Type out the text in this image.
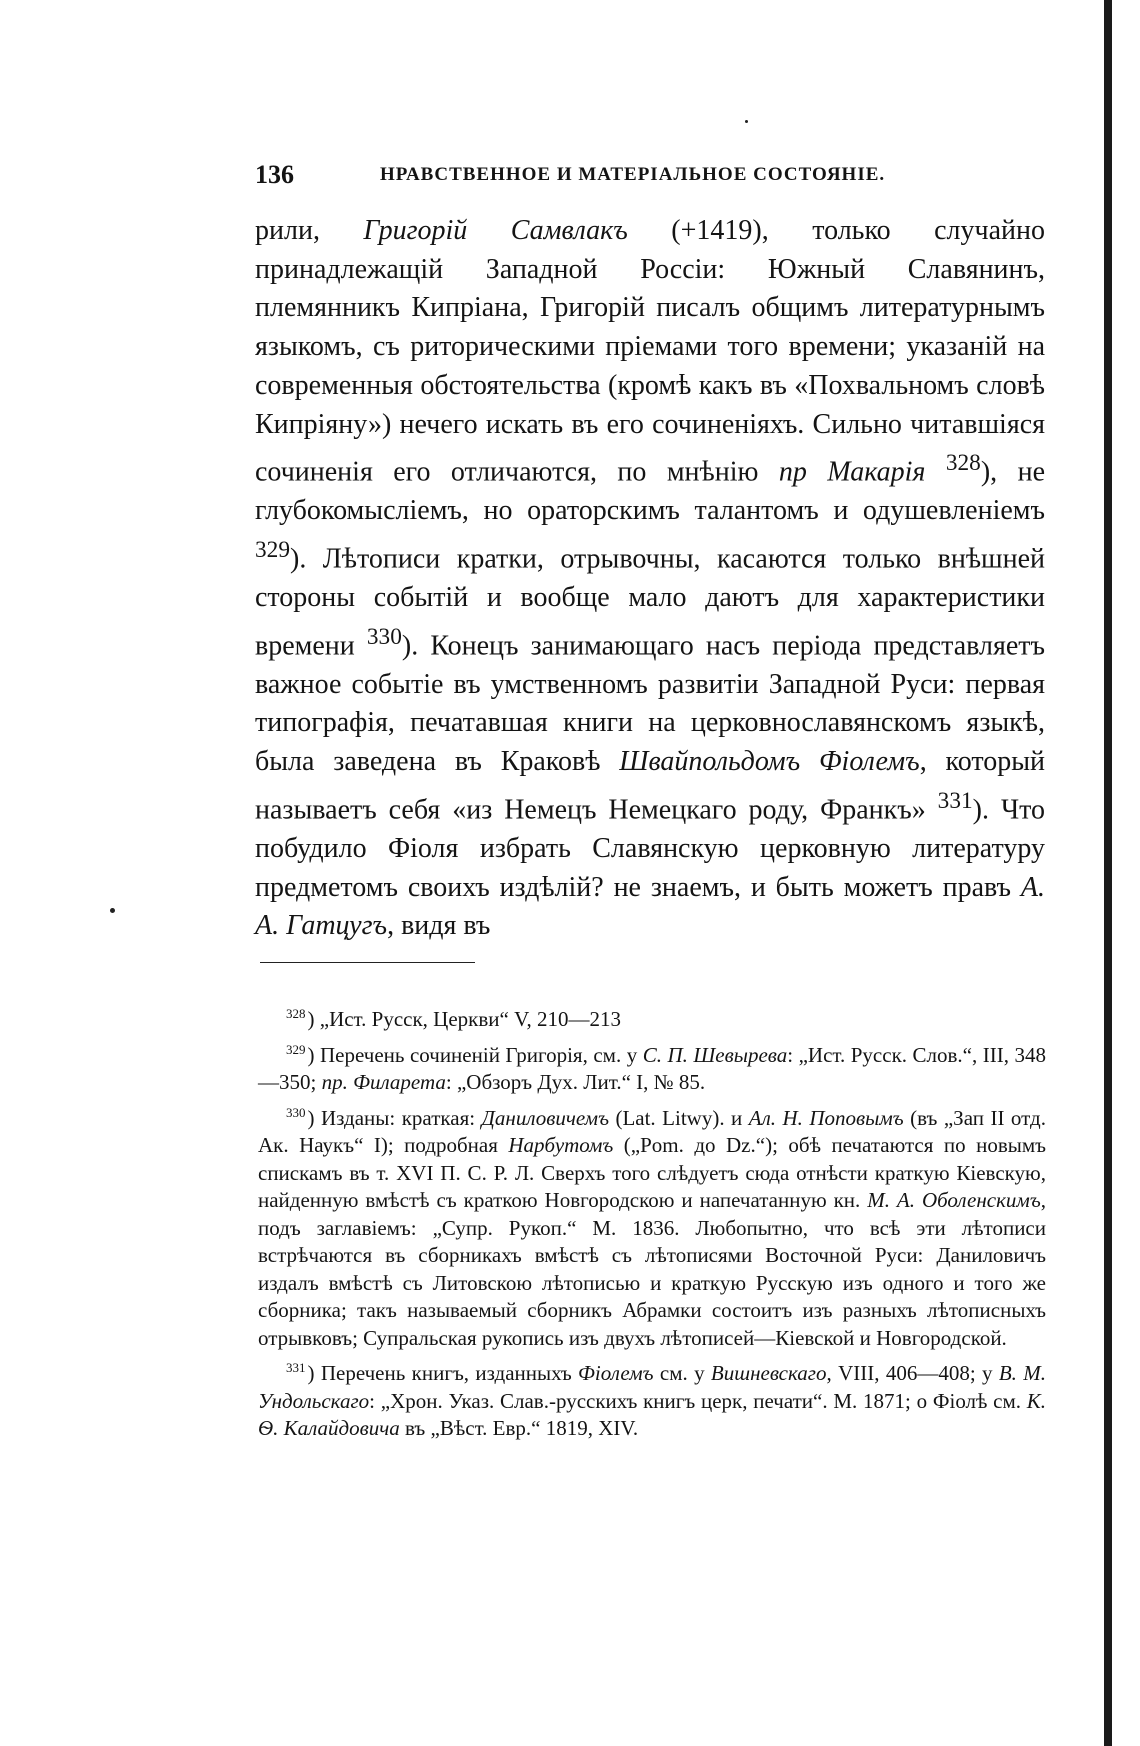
136	НРАВСТВЕННОЕ И МАТЕРІАЛЬНОЕ СОСТОЯНІЕ.

рили, Григорій Самвлакъ (+1419), только случайно принадлежащій Западной Россіи: Южный Славянинъ, племянникъ Кипріана, Григорій писалъ общимъ литературнымъ языкомъ, съ риторическими пріемами того времени; указаній на современныя обстоятельства (кромѣ какъ въ «Похвальномъ словѣ Кипріяну») нечего искать въ его сочиненіяхъ. Сильно читавшіяся сочиненія его отличаются, по мнѣнію пр Макарія $^{328}$), не глубокомысліемъ, но ораторскимъ талантомъ и одушевленіемъ $^{329}$). Лѣтописи кратки, отрывочны, касаются только внѣшней стороны событій и вообще мало даютъ для характеристики времени $^{330}$). Конецъ занимающаго насъ періода представляетъ важное событіе въ умственномъ развитіи Западной Руси: первая типографія, печатавшая книги на церковнославянскомъ языкѣ, была заведена въ Краковѣ Швайпольдомъ Фіолемъ, который называетъ себя «из Немецъ Немецкаго роду, Франкъ» $^{331}$). Что побудило Фіоля избрать Славянскую церковную литературу предметомъ своихъ издѣлій? не знаемъ, и быть можетъ правъ А. А. Гатцугъ, видя въ

$^{328}$) „Ист. Русск, Церкви“ V, 210—213

$^{329}$) Перечень сочиненій Григорія, см. у С. П. Шевырева: „Ист. Русск. Слов.“, III, 348—350; пр. Филарета: „Обзоръ Дух. Лит.“ I, № 85.

$^{330}$) Изданы: краткая: Даниловичемъ (Lat. Litwy). и Ал. Н. Поповымъ (въ „Зап II отд. Ак. Наукъ“ I); подробная Нарбутомъ („Pom. до Dz.“); обѣ печатаются по новымъ спискамъ въ т. XVI П. С. Р. Л. Сверхъ того слѣдуетъ сюда отнѣсти краткую Кіевскую, найденную вмѣстѣ съ краткою Новгородскою и напечатанную кн. М. А. Оболенскимъ, подъ заглавіемъ: „Супр. Рукоп.“ М. 1836. Любопытно, что всѣ эти лѣтописи встрѣчаются въ сборникахъ вмѣстѣ съ лѣтописями Восточной Руси: Даниловичъ издалъ вмѣстѣ съ Литовскою лѣтописью и краткую Русскую изъ одного и того же сборника; такъ называемый сборникъ Абрамки состоитъ изъ разныхъ лѣтописныхъ отрывковъ; Супральская рукопись изъ двухъ лѣтописей—Кіевской и Новгородской.

$^{331}$) Перечень книгъ, изданныхъ Фіолемъ см. у Вишневскаго, VIII, 406—408; у В. М. Ундольскаго: „Хрон. Указ. Слав.-русскихъ книгъ церк, печати“. М. 1871; о Фіолѣ см. К. Ѳ. Калайдовича въ „Вѣст. Евр.“ 1819, XIV.
